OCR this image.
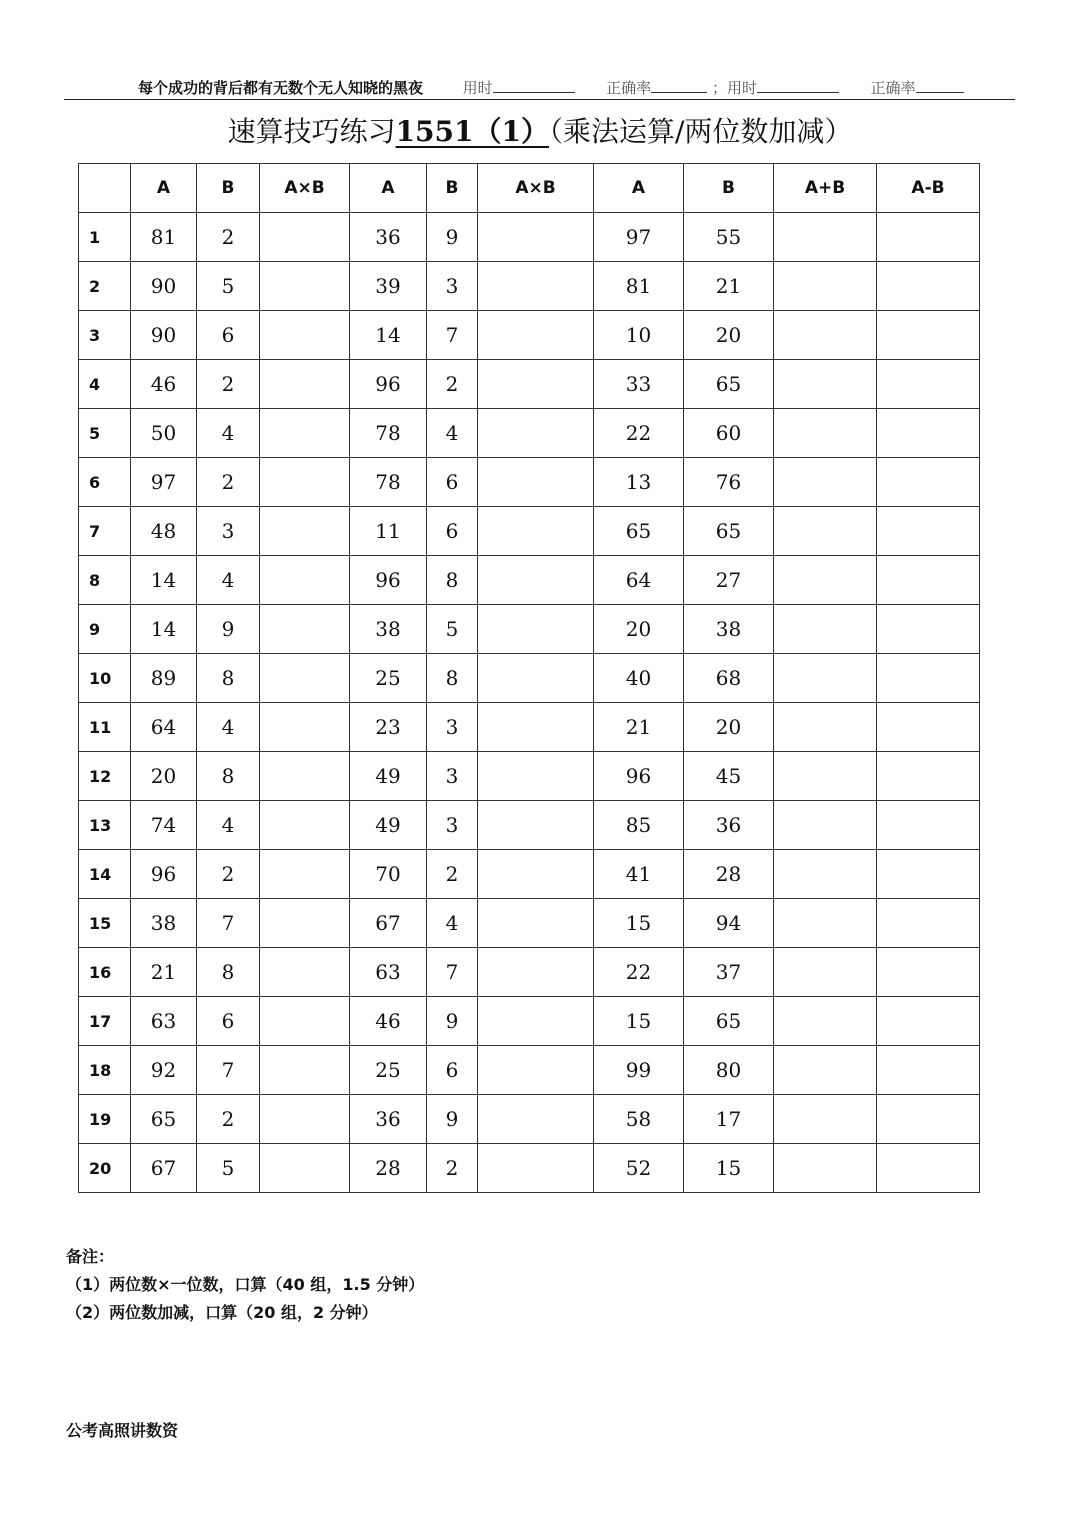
每个成功的背后都有无数个无人知晓的黑夜	用时	正确率	；用时	正确率
速算技巧练习1551（1）（乘法运算/两位数加减）
	A	B	A×B	A	B	A×B	A	B	A+B	A-B
1	81	2		36	9		97	55		
2	90	5		39	3		81	21		
3	90	6		14	7		10	20		
4	46	2		96	2		33	65		
5	50	4		78	4		22	60		
6	97	2		78	6		13	76		
7	48	3		11	6		65	65		
8	14	4		96	8		64	27		
9	14	9		38	5		20	38		
10	89	8		25	8		40	68		
11	64	4		23	3		21	20		
12	20	8		49	3		96	45		
13	74	4		49	3		85	36		
14	96	2		70	2		41	28		
15	38	7		67	4		15	94		
16	21	8		63	7		22	37		
17	63	6		46	9		15	65		
18	92	7		25	6		99	80		
19	65	2		36	9		58	17		
20	67	5		28	2		52	15		
备注：
（1）两位数×一位数，口算（40 组，1.5 分钟）
（2）两位数加减，口算（20 组，2 分钟）
公考高照讲数资
